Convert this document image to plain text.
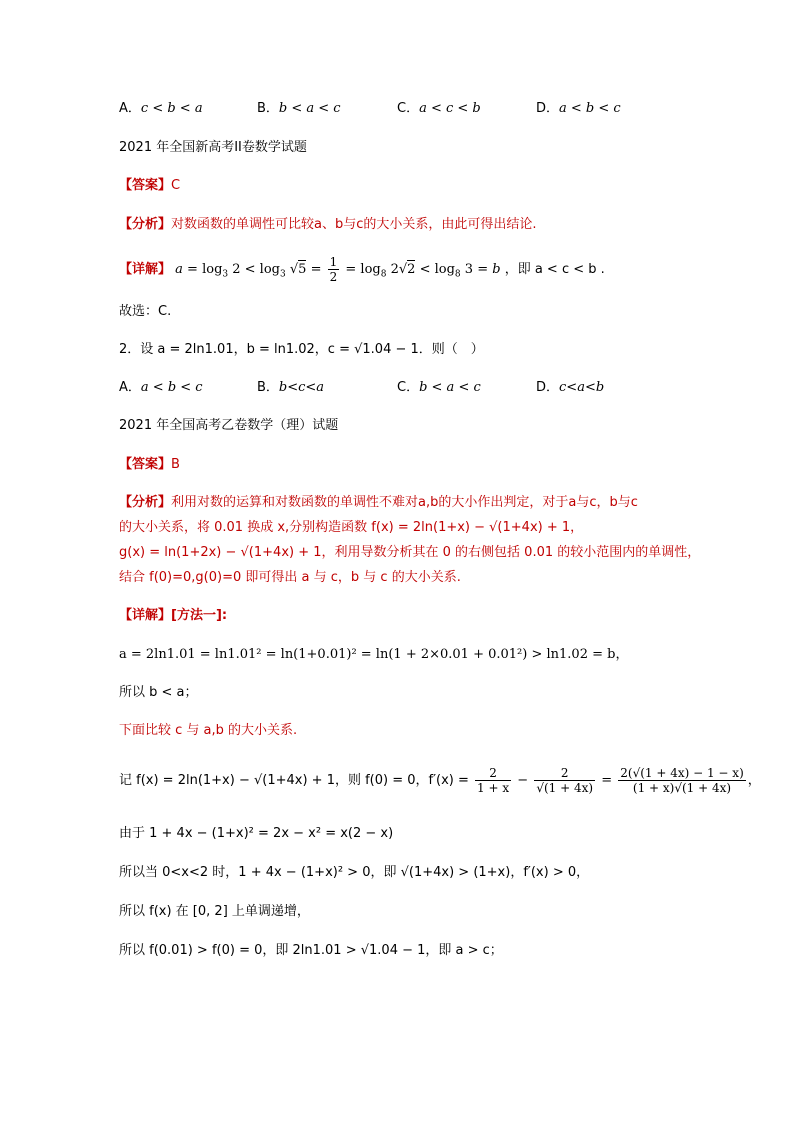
A．c < b < a	B．b < a < c	C．a < c < b	D．a < b < c
2021 年全国新高考II卷数学试题
【答案】C
【分析】对数函数的单调性可比较a、b与c的大小关系，由此可得出结论.
【详解】 $a = \log_3 2 < \log_3 √5 = \frac{1}{2} = \log_8 2√2 < \log_8 3 = b$ ，即 a < c < b .
故选：C.
2．设 a = 2ln1.01，b = ln1.02，c = √1.04 − 1．则（　）
A．a < b < c	B．b<c<a	C．b < a < c	D．c<a<b
2021 年全国高考乙卷数学（理）试题
【答案】B
【分析】利用对数的运算和对数函数的单调性不难对a,b的大小作出判定，对于a与c，b与c
的大小关系，将 0.01 换成 x,分别构造函数 f(x) = 2ln(1+x) − √(1+4x) + 1，
g(x) = ln(1+2x) − √(1+4x) + 1，利用导数分析其在 0 的右侧包括 0.01 的较小范围内的单调性，
结合 f(0)=0,g(0)=0 即可得出 a 与 c，b 与 c 的大小关系.
【详解】[方法一]:
a = 2ln1.01 = ln1.01² = ln(1+0.01)² = ln(1 + 2×0.01 + 0.01²) > ln1.02 = b，
所以 b < a；
下面比较 c 与 a,b 的大小关系.
记 f(x) = 2ln(1+x) − √(1+4x) + 1，则 f(0) = 0，$f'(x) = \frac{2}{1 + x} - \frac{2}{√(1 + 4x)} = \frac{2(√(1 + 4x) - 1 - x)}{(1 + x)√(1 + 4x)}$ ，
由于 1 + 4x − (1+x)² = 2x − x² = x(2 − x)
所以当 0<x<2 时，1 + 4x − (1+x)² > 0，即 √(1+4x) > (1+x)，f′(x) > 0，
所以 f(x) 在 [0, 2] 上单调递增，
所以 f(0.01) > f(0) = 0，即 2ln1.01 > √1.04 − 1，即 a > c；
